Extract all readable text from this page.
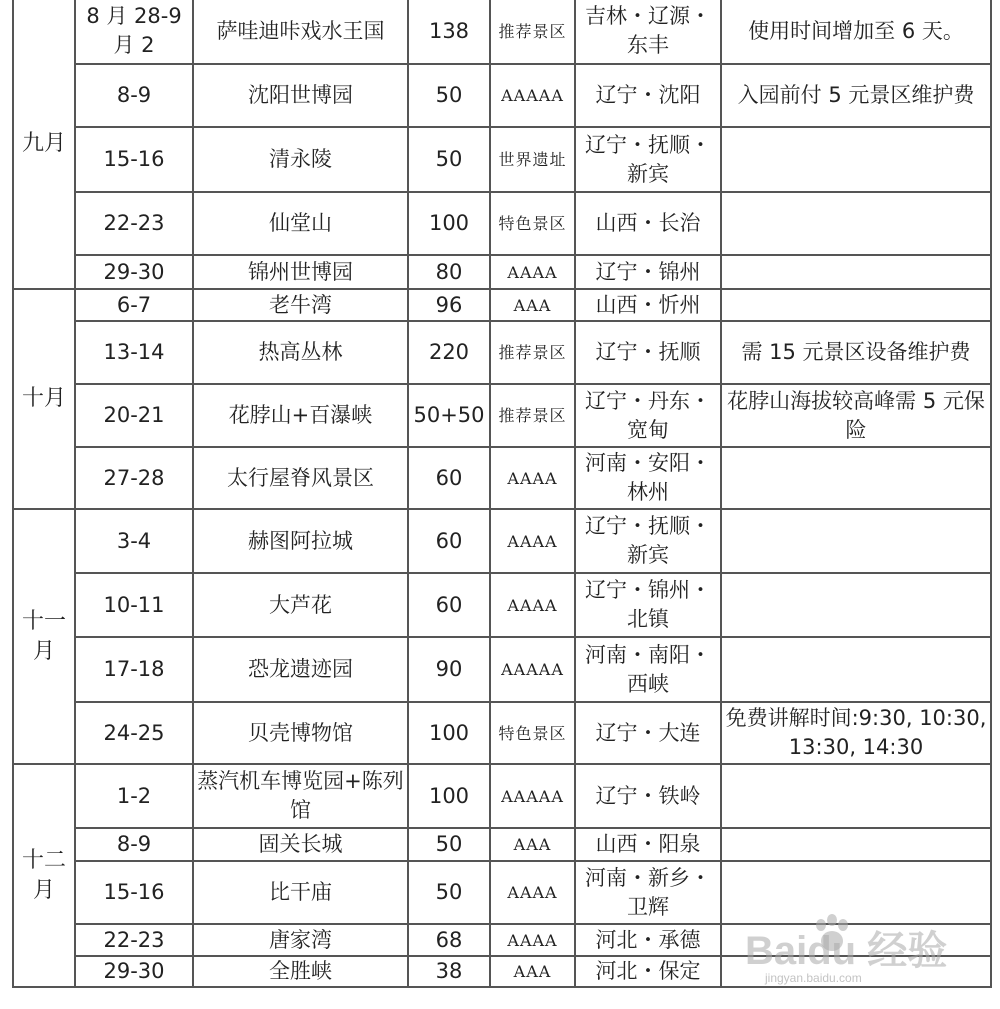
九月	8 月 28-9 月 2	萨哇迪咔戏水王国	138	推荐景区	吉林・辽源・东丰	使用时间增加至 6 天。
	8-9	沈阳世博园	50	AAAAA	辽宁・沈阳	入园前付 5 元景区维护费
	15-16	清永陵	50	世界遗址	辽宁・抚顺・新宾	
	22-23	仙堂山	100	特色景区	山西・长治	
	29-30	锦州世博园	80	AAAA	辽宁・锦州	
十月	6-7	老牛湾	96	AAA	山西・忻州	
	13-14	热高丛林	220	推荐景区	辽宁・抚顺	需 15 元景区设备维护费
	20-21	花脖山+百瀑峡	50+50	推荐景区	辽宁・丹东・宽甸	花脖山海拔较高峰需 5 元保险
	27-28	太行屋脊风景区	60	AAAA	河南・安阳・林州	
十一月	3-4	赫图阿拉城	60	AAAA	辽宁・抚顺・新宾	
	10-11	大芦花	60	AAAA	辽宁・锦州・北镇	
	17-18	恐龙遗迹园	90	AAAAA	河南・南阳・西峡	
	24-25	贝壳博物馆	100	特色景区	辽宁・大连	免费讲解时间:9:30, 10:30, 13:30, 14:30
十二月	1-2	蒸汽机车博览园+陈列馆	100	AAAAA	辽宁・铁岭	
	8-9	固关长城	50	AAA	山西・阳泉	
	15-16	比干庙	50	AAAA	河南・新乡・卫辉	
	22-23	唐家湾	68	AAAA	河北・承德	
	29-30	全胜峡	38	AAA	河北・保定	Baidu 经验
jingyan.baidu.com
